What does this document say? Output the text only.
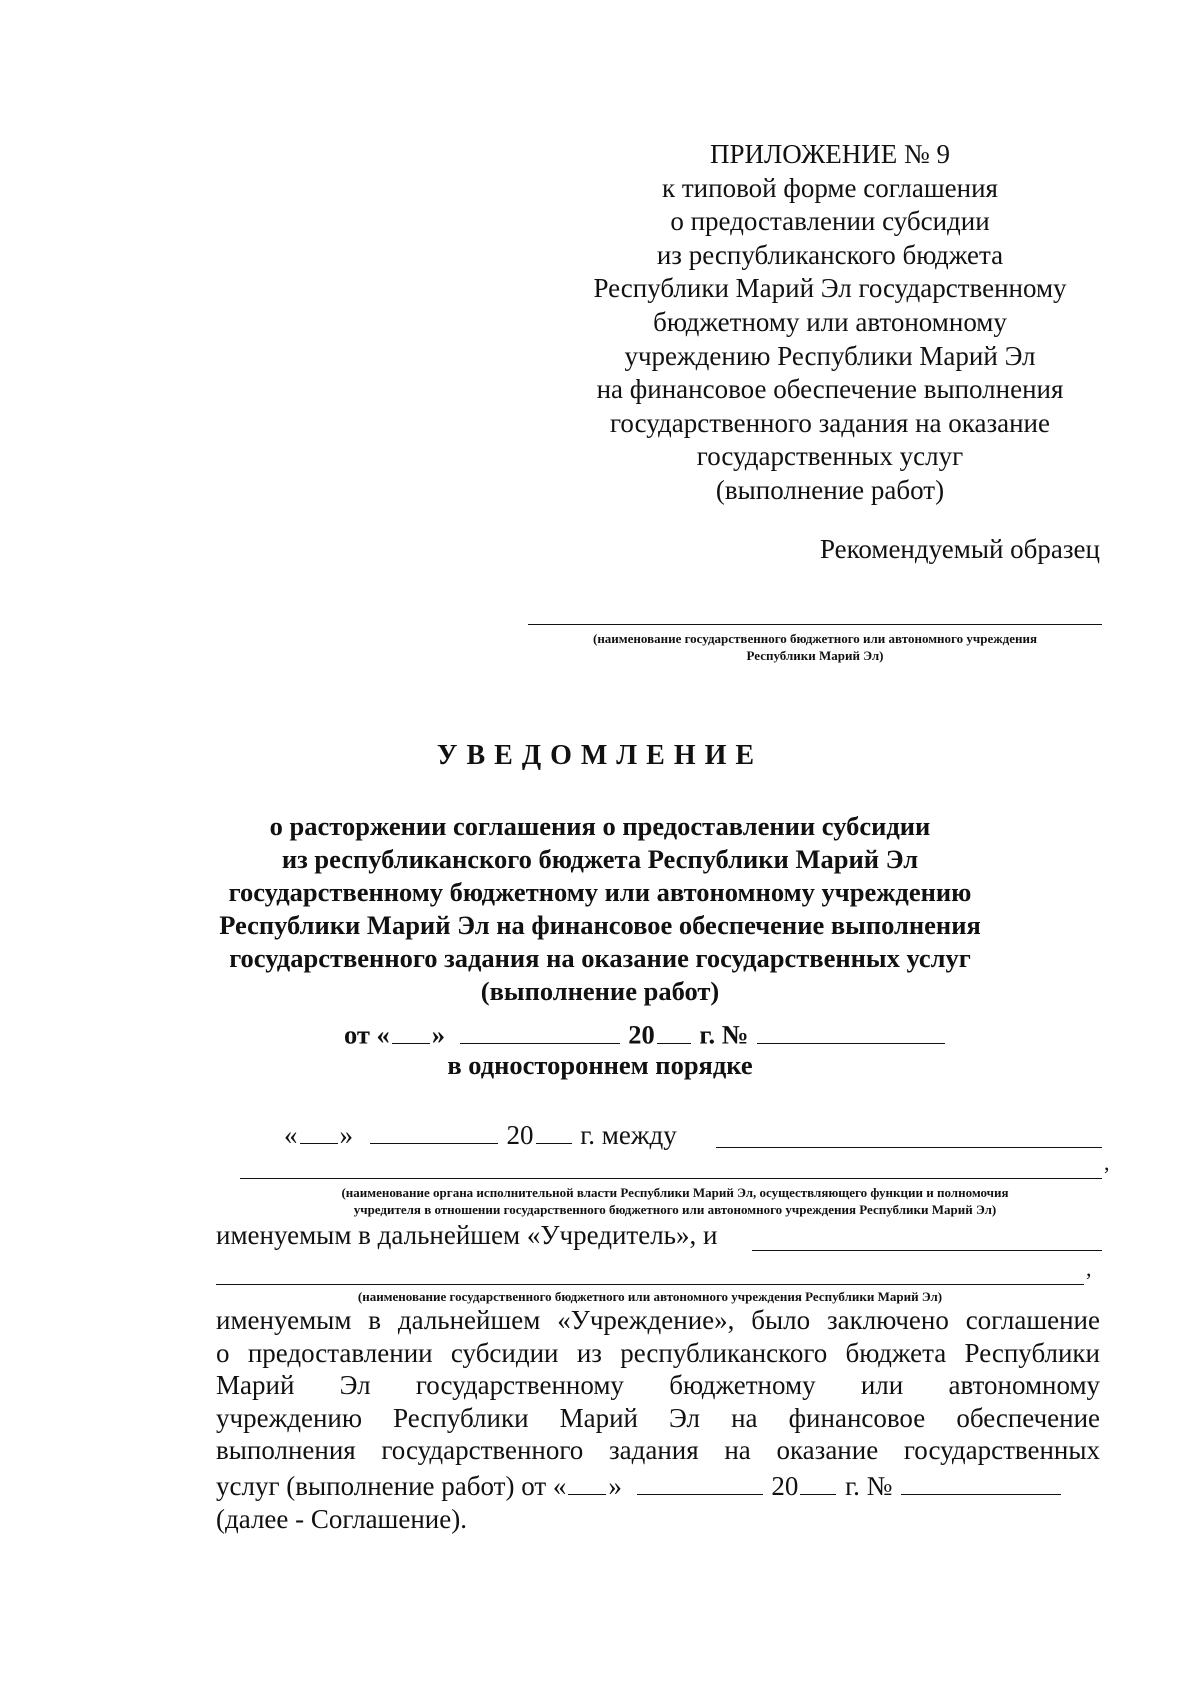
ПРИЛОЖЕНИЕ № 9
к типовой форме соглашения
о предоставлении субсидии
из республиканского бюджета
Республики Марий Эл государственному
бюджетному или автономному
учреждению Республики Марий Эл
на финансовое обеспечение выполнения
государственного задания на оказание
государственных услуг
(выполнение работ)
Рекомендуемый образец
(наименование государственного бюджетного или автономного учреждения
Республики Марий Эл)
УВЕДОМЛЕНИЕ
о расторжении соглашения о предоставлении субсидии
из республиканского бюджета Республики Марий Эл
государственному бюджетному или автономному учреждению
Республики Марий Эл на финансовое обеспечение выполнения
государственного задания на оказание государственных услуг
(выполнение работ)
от « »	20 г. №
в одностороннем порядке
« »	20 г. между
,
(наименование органа исполнительной власти Республики Марий Эл, осуществляющего функции и полномочия
учредителя в отношении государственного бюджетного или автономного учреждения Республики Марий Эл)
именуемым в дальнейшем «Учредитель», и
,
(наименование государственного бюджетного или автономного учреждения Республики Марий Эл)
именуемым в дальнейшем «Учреждение», было заключено соглашение
о предоставлении субсидии из республиканского бюджета Республики
Марий Эл государственному бюджетному или автономному
учреждению Республики Марий Эл на финансовое обеспечение
выполнения государственного задания на оказание государственных
услуг (выполнение работ) от « »	20 г. №
(далее - Соглашение).
